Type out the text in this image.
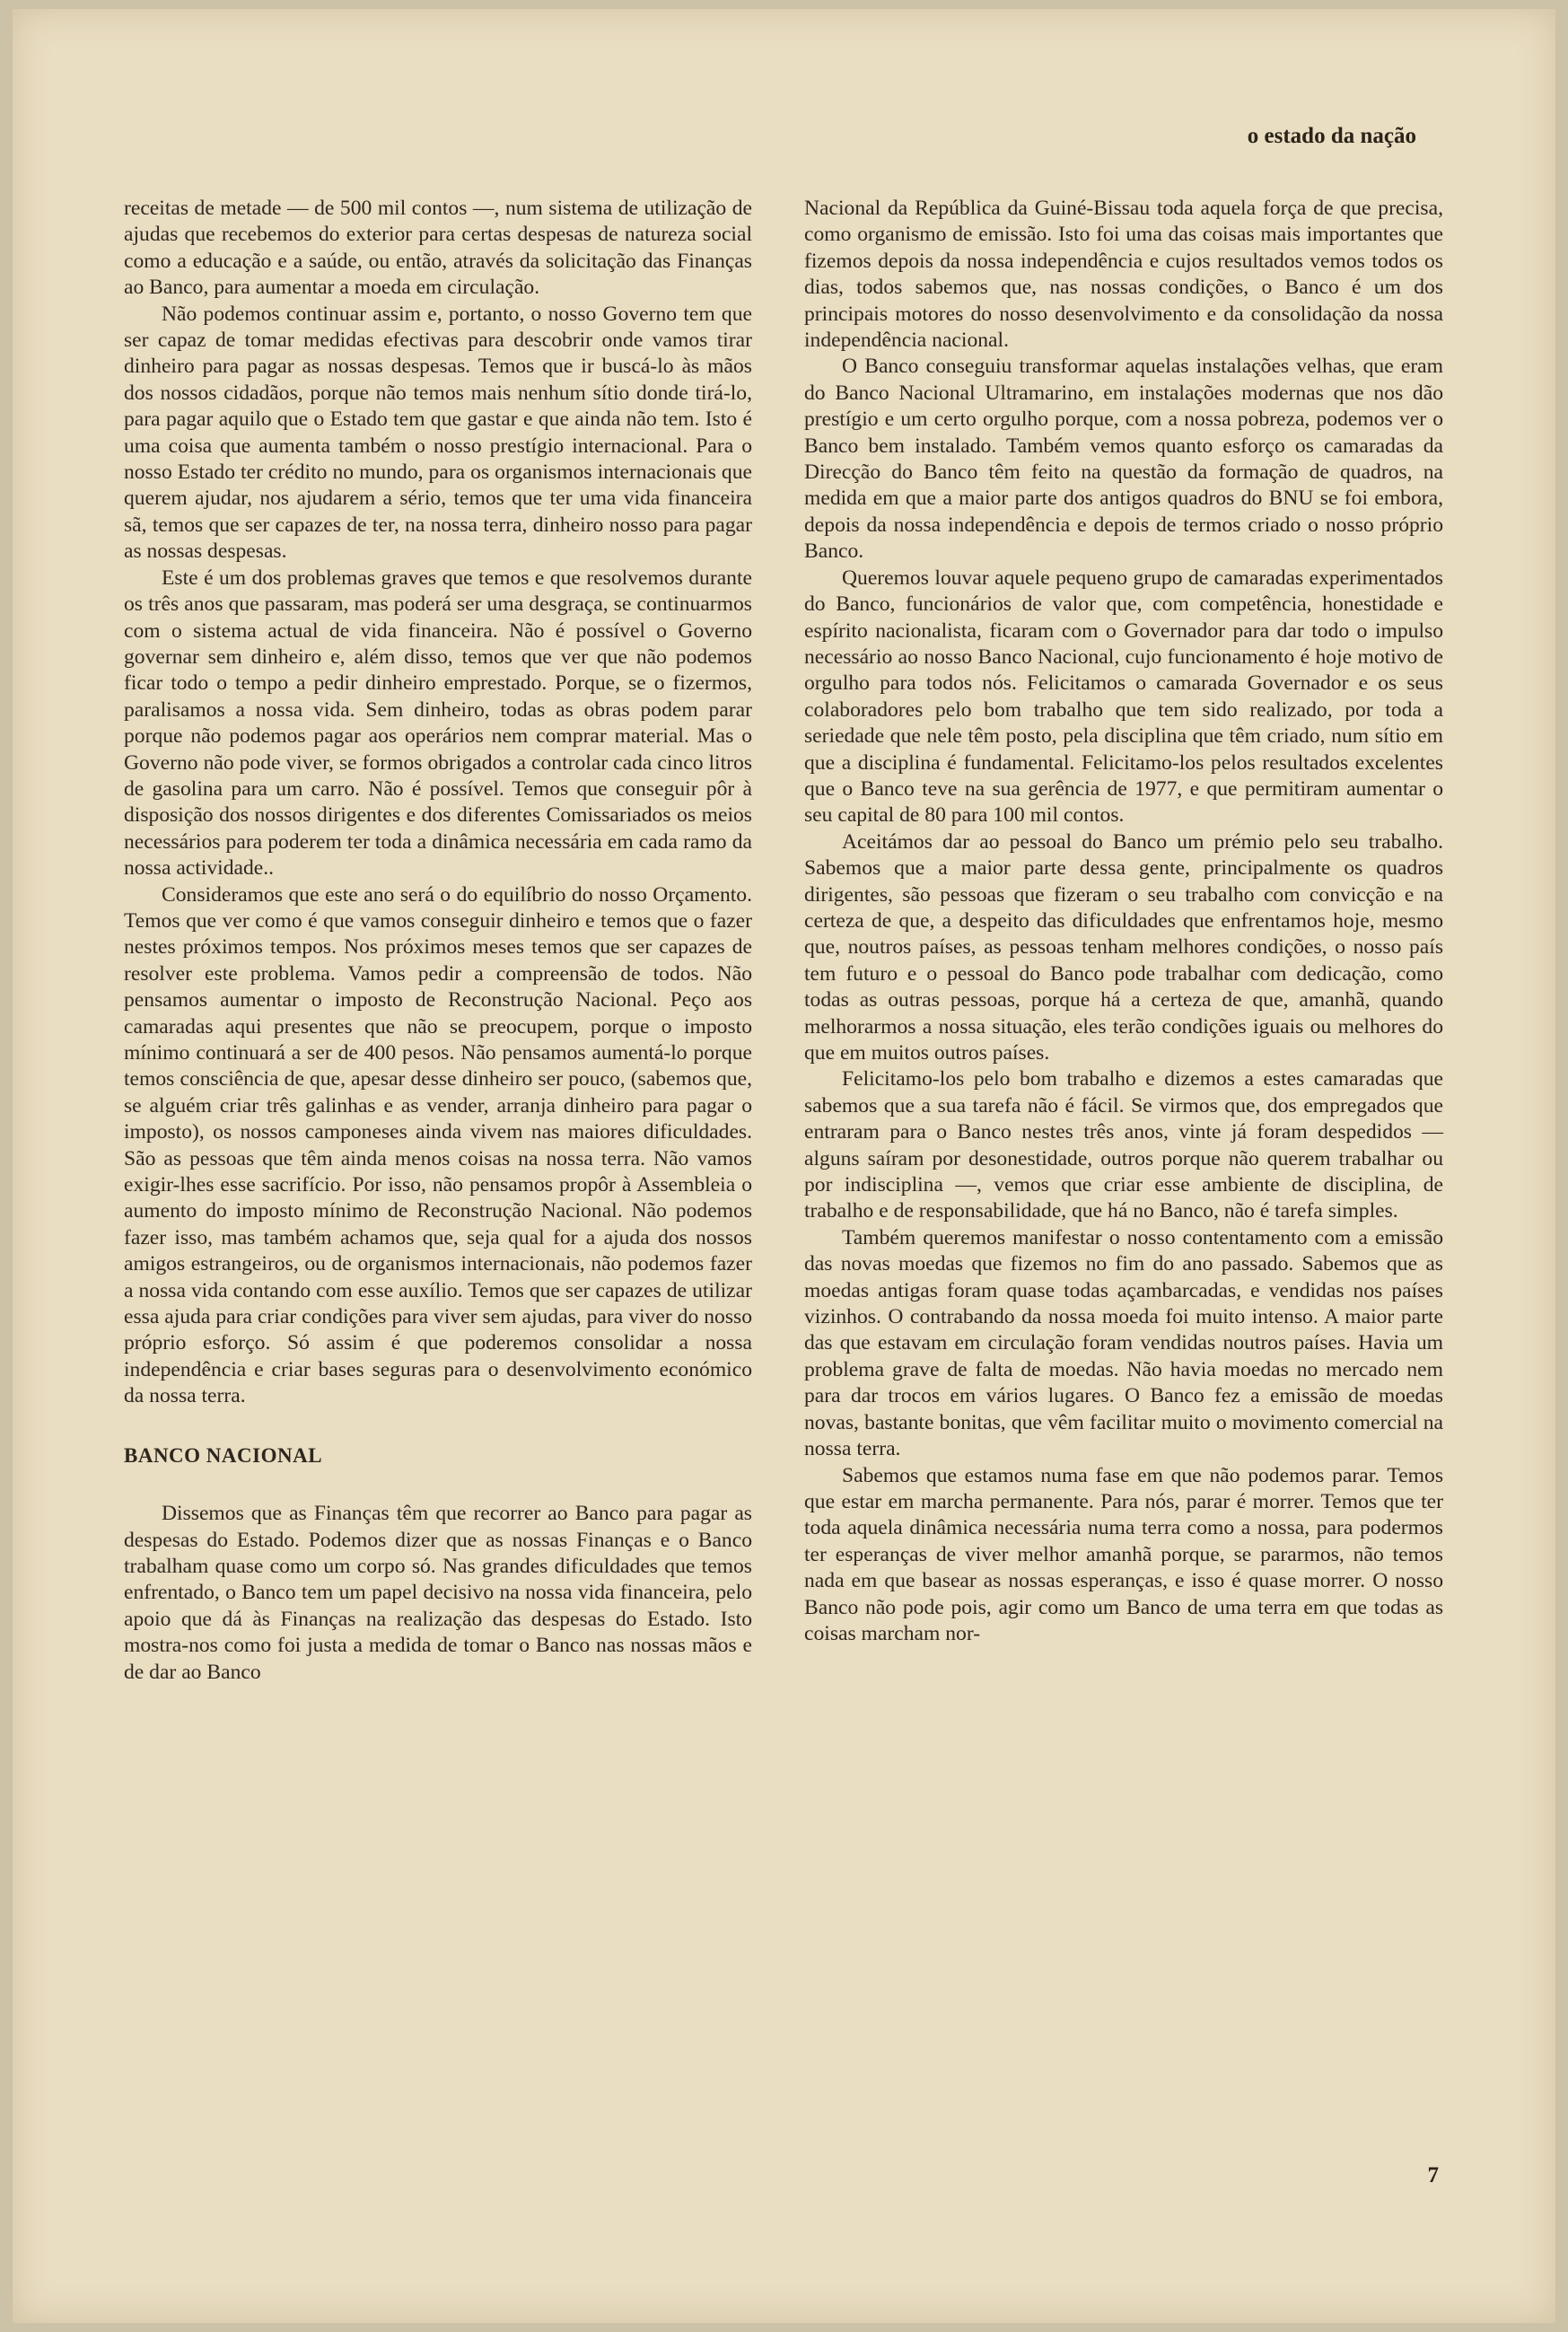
o estado da nação

receitas de metade — de 500 mil contos —, num sistema de utilização de ajudas que recebemos do exterior para certas despesas de natureza social como a educação e a saúde, ou então, através da solicitação das Finanças ao Banco, para aumentar a moeda em circulação.

Não podemos continuar assim e, portanto, o nosso Governo tem que ser capaz de tomar medidas efectivas para descobrir onde vamos tirar dinheiro para pagar as nossas despesas. Temos que ir buscá-lo às mãos dos nossos cidadãos, porque não temos mais nenhum sítio donde tirá-lo, para pagar aquilo que o Estado tem que gastar e que ainda não tem. Isto é uma coisa que aumenta também o nosso prestígio internacional. Para o nosso Estado ter crédito no mundo, para os organismos internacionais que querem ajudar, nos ajudarem a sério, temos que ter uma vida financeira sã, temos que ser capazes de ter, na nossa terra, dinheiro nosso para pagar as nossas despesas.

Este é um dos problemas graves que temos e que resolvemos durante os três anos que passaram, mas poderá ser uma desgraça, se continuarmos com o sistema actual de vida financeira. Não é possível o Governo governar sem dinheiro e, além disso, temos que ver que não podemos ficar todo o tempo a pedir dinheiro emprestado. Porque, se o fizermos, paralisamos a nossa vida. Sem dinheiro, todas as obras podem parar porque não podemos pagar aos operários nem comprar material. Mas o Governo não pode viver, se formos obrigados a controlar cada cinco litros de gasolina para um carro. Não é possível. Temos que conseguir pôr à disposição dos nossos dirigentes e dos diferentes Comissariados os meios necessários para poderem ter toda a dinâmica necessária em cada ramo da nossa actividade..

Consideramos que este ano será o do equilíbrio do nosso Orçamento. Temos que ver como é que vamos conseguir dinheiro e temos que o fazer nestes próximos tempos. Nos próximos meses temos que ser capazes de resolver este problema. Vamos pedir a compreensão de todos. Não pensamos aumentar o imposto de Reconstrução Nacional. Peço aos camaradas aqui presentes que não se preocupem, porque o imposto mínimo continuará a ser de 400 pesos. Não pensamos aumentá-lo porque temos consciência de que, apesar desse dinheiro ser pouco, (sabemos que, se alguém criar três galinhas e as vender, arranja dinheiro para pagar o imposto), os nossos camponeses ainda vivem nas maiores dificuldades. São as pessoas que têm ainda menos coisas na nossa terra. Não vamos exigir-lhes esse sacrifício. Por isso, não pensamos propôr à Assembleia o aumento do imposto mínimo de Reconstrução Nacional. Não podemos fazer isso, mas também achamos que, seja qual for a ajuda dos nossos amigos estrangeiros, ou de organismos internacionais, não podemos fazer a nossa vida contando com esse auxílio. Temos que ser capazes de utilizar essa ajuda para criar condições para viver sem ajudas, para viver do nosso próprio esforço. Só assim é que poderemos consolidar a nossa independência e criar bases seguras para o desenvolvimento económico da nossa terra.

BANCO NACIONAL

Dissemos que as Finanças têm que recorrer ao Banco para pagar as despesas do Estado. Podemos dizer que as nossas Finanças e o Banco trabalham quase como um corpo só. Nas grandes dificuldades que temos enfrentado, o Banco tem um papel decisivo na nossa vida financeira, pelo apoio que dá às Finanças na realização das despesas do Estado. Isto mostra-nos como foi justa a medida de tomar o Banco nas nossas mãos e de dar ao Banco

Nacional da República da Guiné-Bissau toda aquela força de que precisa, como organismo de emissão. Isto foi uma das coisas mais importantes que fizemos depois da nossa independência e cujos resultados vemos todos os dias, todos sabemos que, nas nossas condições, o Banco é um dos principais motores do nosso desenvolvimento e da consolidação da nossa independência nacional.

O Banco conseguiu transformar aquelas instalações velhas, que eram do Banco Nacional Ultramarino, em instalações modernas que nos dão prestígio e um certo orgulho porque, com a nossa pobreza, podemos ver o Banco bem instalado. Também vemos quanto esforço os camaradas da Direcção do Banco têm feito na questão da formação de quadros, na medida em que a maior parte dos antigos quadros do BNU se foi embora, depois da nossa independência e depois de termos criado o nosso próprio Banco.

Queremos louvar aquele pequeno grupo de camaradas experimentados do Banco, funcionários de valor que, com competência, honestidade e espírito nacionalista, ficaram com o Governador para dar todo o impulso necessário ao nosso Banco Nacional, cujo funcionamento é hoje motivo de orgulho para todos nós. Felicitamos o camarada Governador e os seus colaboradores pelo bom trabalho que tem sido realizado, por toda a seriedade que nele têm posto, pela disciplina que têm criado, num sítio em que a disciplina é fundamental. Felicitamo-los pelos resultados excelentes que o Banco teve na sua gerência de 1977, e que permitiram aumentar o seu capital de 80 para 100 mil contos.

Aceitámos dar ao pessoal do Banco um prémio pelo seu trabalho. Sabemos que a maior parte dessa gente, principalmente os quadros dirigentes, são pessoas que fizeram o seu trabalho com convicção e na certeza de que, a despeito das dificuldades que enfrentamos hoje, mesmo que, noutros países, as pessoas tenham melhores condições, o nosso país tem futuro e o pessoal do Banco pode trabalhar com dedicação, como todas as outras pessoas, porque há a certeza de que, amanhã, quando melhorarmos a nossa situação, eles terão condições iguais ou melhores do que em muitos outros países.

Felicitamo-los pelo bom trabalho e dizemos a estes camaradas que sabemos que a sua tarefa não é fácil. Se virmos que, dos empregados que entraram para o Banco nestes três anos, vinte já foram despedidos — alguns saíram por desonestidade, outros porque não querem trabalhar ou por indisciplina —, vemos que criar esse ambiente de disciplina, de trabalho e de responsabilidade, que há no Banco, não é tarefa simples.

Também queremos manifestar o nosso contentamento com a emissão das novas moedas que fizemos no fim do ano passado. Sabemos que as moedas antigas foram quase todas açambarcadas, e vendidas nos países vizinhos. O contrabando da nossa moeda foi muito intenso. A maior parte das que estavam em circulação foram vendidas noutros países. Havia um problema grave de falta de moedas. Não havia moedas no mercado nem para dar trocos em vários lugares. O Banco fez a emissão de moedas novas, bastante bonitas, que vêm facilitar muito o movimento comercial na nossa terra.

Sabemos que estamos numa fase em que não podemos parar. Temos que estar em marcha permanente. Para nós, parar é morrer. Temos que ter toda aquela dinâmica necessária numa terra como a nossa, para podermos ter esperanças de viver melhor amanhã porque, se pararmos, não temos nada em que basear as nossas esperanças, e isso é quase morrer. O nosso Banco não pode pois, agir como um Banco de uma terra em que todas as coisas marcham nor-

7
